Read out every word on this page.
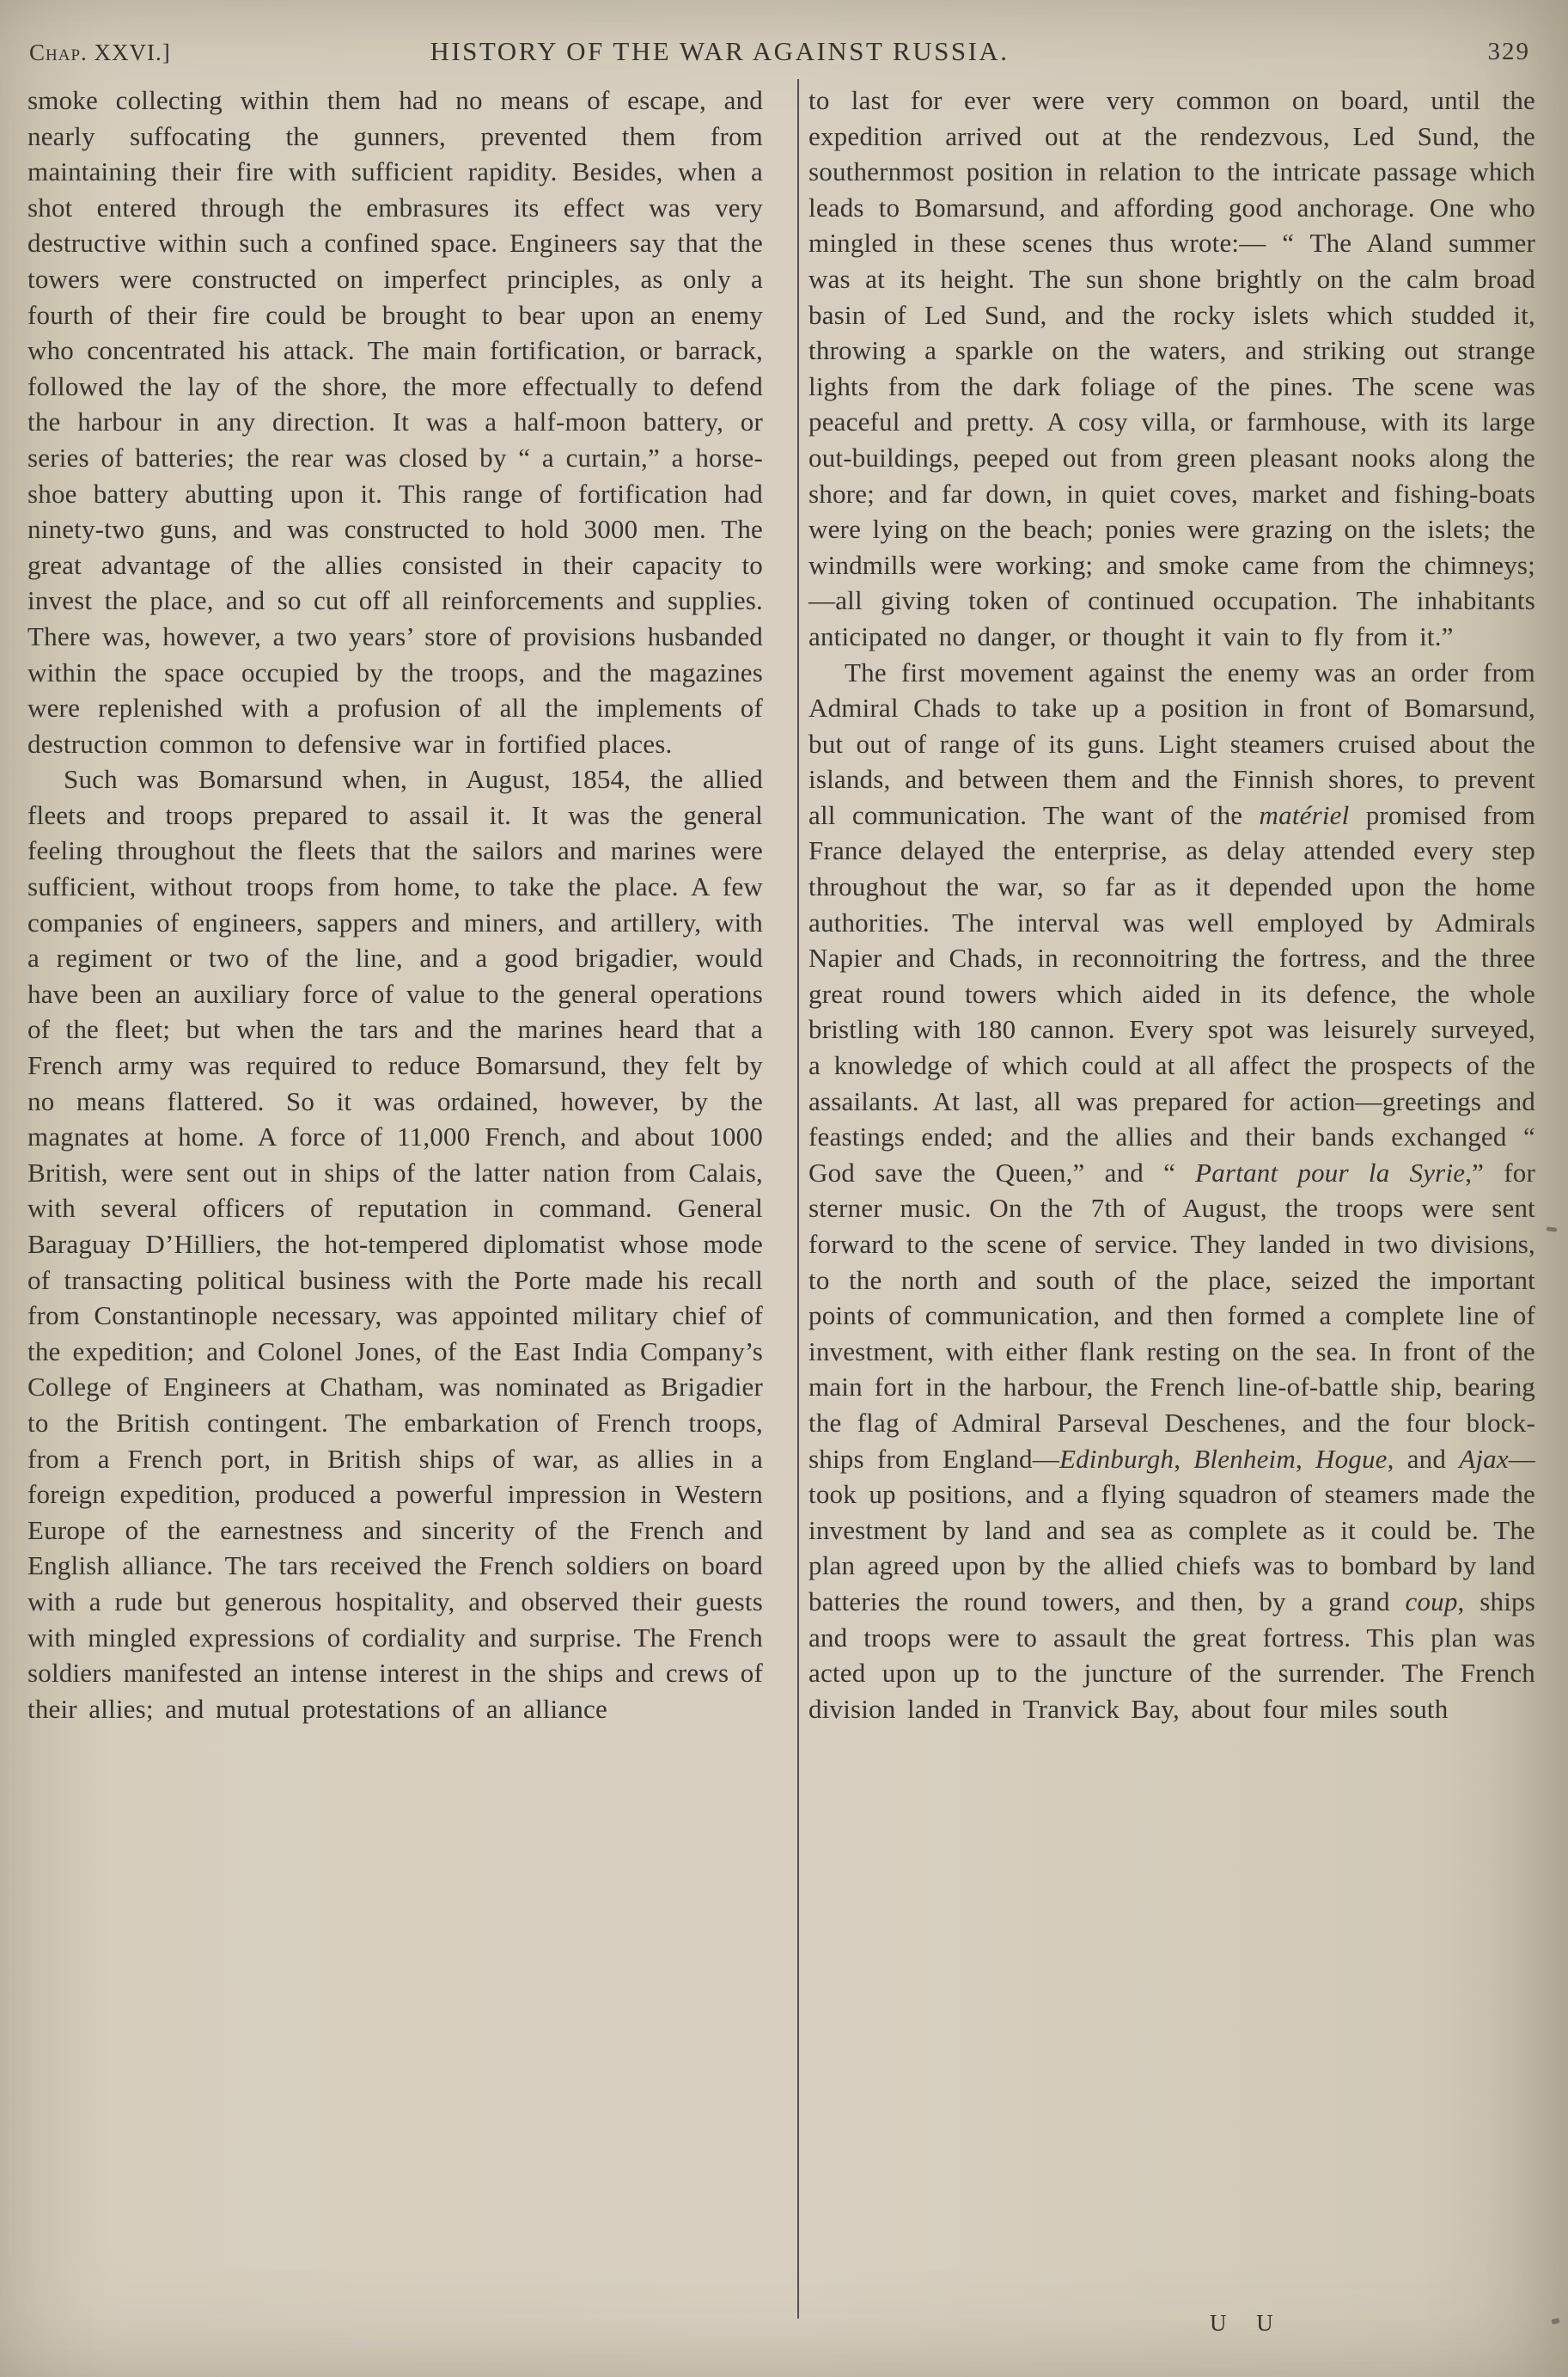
Chap. XXVI.]	HISTORY OF THE WAR AGAINST RUSSIA.	329

smoke collecting within them had no means of escape, and nearly suffocating the gunners, prevented them from maintaining their fire with sufficient rapidity. Besides, when a shot entered through the embrasures its effect was very destructive within such a confined space. Engineers say that the towers were constructed on imperfect principles, as only a fourth of their fire could be brought to bear upon an enemy who concentrated his attack. The main fortification, or barrack, followed the lay of the shore, the more effectually to defend the harbour in any direction. It was a half-moon battery, or series of batteries; the rear was closed by “ a curtain,” a horse-shoe battery abutting upon it. This range of fortification had ninety-two guns, and was constructed to hold 3000 men. The great advantage of the allies consisted in their capacity to invest the place, and so cut off all reinforcements and supplies. There was, however, a two years’ store of provisions husbanded within the space occupied by the troops, and the magazines were replenished with a profusion of all the implements of destruction common to defensive war in fortified places.

Such was Bomarsund when, in August, 1854, the allied fleets and troops prepared to assail it. It was the general feeling throughout the fleets that the sailors and marines were sufficient, without troops from home, to take the place. A few companies of engineers, sappers and miners, and artillery, with a regiment or two of the line, and a good brigadier, would have been an auxiliary force of value to the general operations of the fleet; but when the tars and the marines heard that a French army was required to reduce Bomarsund, they felt by no means flattered. So it was ordained, however, by the magnates at home. A force of 11,000 French, and about 1000 British, were sent out in ships of the latter nation from Calais, with several officers of reputation in command. General Baraguay D’Hilliers, the hot-tempered diplomatist whose mode of transacting political business with the Porte made his recall from Constantinople necessary, was appointed military chief of the expedition; and Colonel Jones, of the East India Company’s College of Engineers at Chatham, was nominated as Brigadier to the British contingent. The embarkation of French troops, from a French port, in British ships of war, as allies in a foreign expedition, produced a powerful impression in Western Europe of the earnestness and sincerity of the French and English alliance. The tars received the French soldiers on board with a rude but generous hospitality, and observed their guests with mingled expressions of cordiality and surprise. The French soldiers manifested an intense interest in the ships and crews of their allies; and mutual protestations of an alliance

to last for ever were very common on board, until the expedition arrived out at the rendezvous, Led Sund, the southernmost position in relation to the intricate passage which leads to Bomarsund, and affording good anchorage. One who mingled in these scenes thus wrote:— “ The Aland summer was at its height. The sun shone brightly on the calm broad basin of Led Sund, and the rocky islets which studded it, throwing a sparkle on the waters, and striking out strange lights from the dark foliage of the pines. The scene was peaceful and pretty. A cosy villa, or farmhouse, with its large out-buildings, peeped out from green pleasant nooks along the shore; and far down, in quiet coves, market and fishing-boats were lying on the beach; ponies were grazing on the islets; the windmills were working; and smoke came from the chimneys;—all giving token of continued occupation. The inhabitants anticipated no danger, or thought it vain to fly from it.”

The first movement against the enemy was an order from Admiral Chads to take up a position in front of Bomarsund, but out of range of its guns. Light steamers cruised about the islands, and between them and the Finnish shores, to prevent all communication. The want of the matériel promised from France delayed the enterprise, as delay attended every step throughout the war, so far as it depended upon the home authorities. The interval was well employed by Admirals Napier and Chads, in reconnoitring the fortress, and the three great round towers which aided in its defence, the whole bristling with 180 cannon. Every spot was leisurely surveyed, a knowledge of which could at all affect the prospects of the assailants. At last, all was prepared for action—greetings and feastings ended; and the allies and their bands exchanged “ God save the Queen,” and “ Partant pour la Syrie,” for sterner music. On the 7th of August, the troops were sent forward to the scene of service. They landed in two divisions, to the north and south of the place, seized the important points of communication, and then formed a complete line of investment, with either flank resting on the sea. In front of the main fort in the harbour, the French line-of-battle ship, bearing the flag of Admiral Parseval Deschenes, and the four block-ships from England—Edinburgh, Blenheim, Hogue, and Ajax—took up positions, and a flying squadron of steamers made the investment by land and sea as complete as it could be. The plan agreed upon by the allied chiefs was to bombard by land batteries the round towers, and then, by a grand coup, ships and troops were to assault the great fortress. This plan was acted upon up to the juncture of the surrender. The French division landed in Tranvick Bay, about four miles south

U U
